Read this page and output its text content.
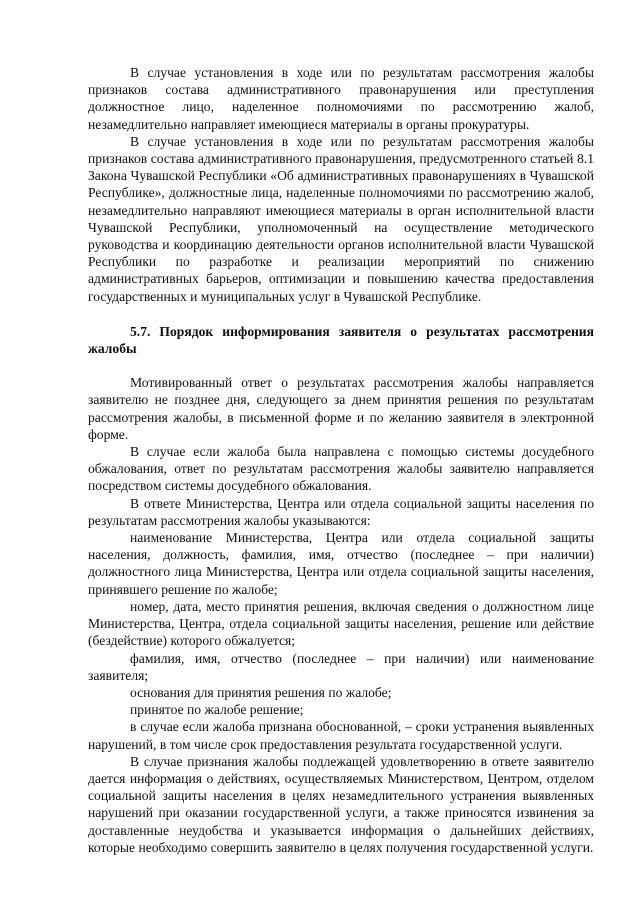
В случае установления в ходе или по результатам рассмотрения жалобы признаков состава административного правонарушения или преступления должностное лицо, наделенное полномочиями по рассмотрению жалоб, незамедлительно направляет имеющиеся материалы в органы прокуратуры.

В случае установления в ходе или по результатам рассмотрения жалобы признаков состава административного правонарушения, предусмотренного статьей 8.1 Закона Чувашской Республики «Об административных правонарушениях в Чувашской Республике», должностные лица, наделенные полномочиями по рассмотрению жалоб, незамедлительно направляют имеющиеся материалы в орган исполнительной власти Чувашской Республики, уполномоченный на осуществление методического руководства и координацию деятельности органов исполнительной власти Чувашской Республики по разработке и реализации мероприятий по снижению административных барьеров, оптимизации и повышению качества предоставления государственных и муниципальных услуг в Чувашской Республике.

5.7. Порядок информирования заявителя о результатах рассмотрения жалобы

Мотивированный ответ о результатах рассмотрения жалобы направляется заявителю не позднее дня, следующего за днем принятия решения по результатам рассмотрения жалобы, в письменной форме и по желанию заявителя в электронной форме.

В случае если жалоба была направлена с помощью системы досудебного обжалования, ответ по результатам рассмотрения жалобы заявителю направляется посредством системы досудебного обжалования.

В ответе Министерства, Центра или отдела социальной защиты населения по результатам рассмотрения жалобы указываются:

наименование Министерства, Центра или отдела социальной защиты населения, должность, фамилия, имя, отчество (последнее – при наличии) должностного лица Министерства, Центра или отдела социальной защиты населения, принявшего решение по жалобе;

номер, дата, место принятия решения, включая сведения о должностном лице Министерства, Центра, отдела социальной защиты населения, решение или действие (бездействие) которого обжалуется;

фамилия, имя, отчество (последнее – при наличии) или наименование заявителя;

основания для принятия решения по жалобе;

принятое по жалобе решение;

в случае если жалоба признана обоснованной, – сроки устранения выявленных нарушений, в том числе срок предоставления результата государственной услуги.

В случае признания жалобы подлежащей удовлетворению в ответе заявителю дается информация о действиях, осуществляемых Министерством, Центром, отделом социальной защиты населения в целях незамедлительного устранения выявленных нарушений при оказании государственной услуги, а также приносятся извинения за доставленные неудобства и указывается информация о дальнейших действиях, которые необходимо совершить заявителю в целях получения государственной услуги.
